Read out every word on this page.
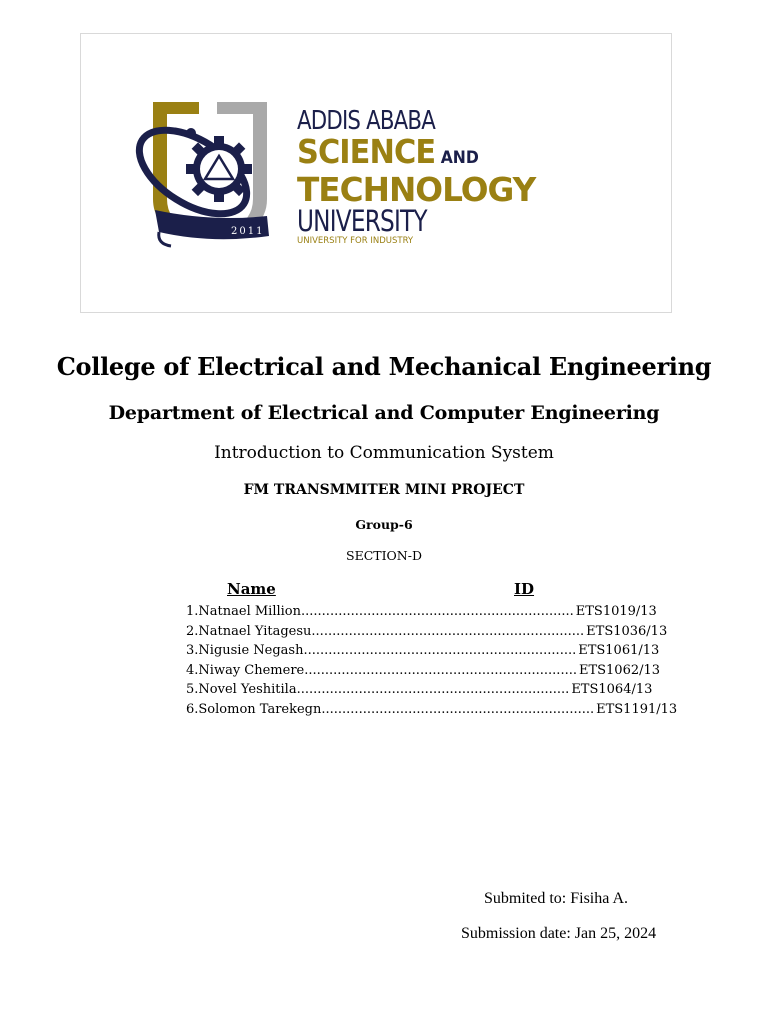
2011
ADDIS ABABA
SCIENCE AND
TECHNOLOGY
UNIVERSITY
UNIVERSITY FOR INDUSTRY
College of Electrical and Mechanical Engineering
Department of Electrical and Computer Engineering
Introduction to Communication System
FM TRANSMMITER MINI PROJECT
Group-6
SECTION-D
Name	ID
1. Natnael Million .................................................................. ETS1019/13
2. Natnael Yitagesu .................................................................. ETS1036/13
3. Nigusie Negash .................................................................. ETS1061/13
4. Niway Chemere .................................................................. ETS1062/13
5. Novel Yeshitila .................................................................. ETS1064/13
6. Solomon Tarekegn .................................................................. ETS1191/13
Submited to: Fisiha A.
Submission date: Jan 25, 2024
